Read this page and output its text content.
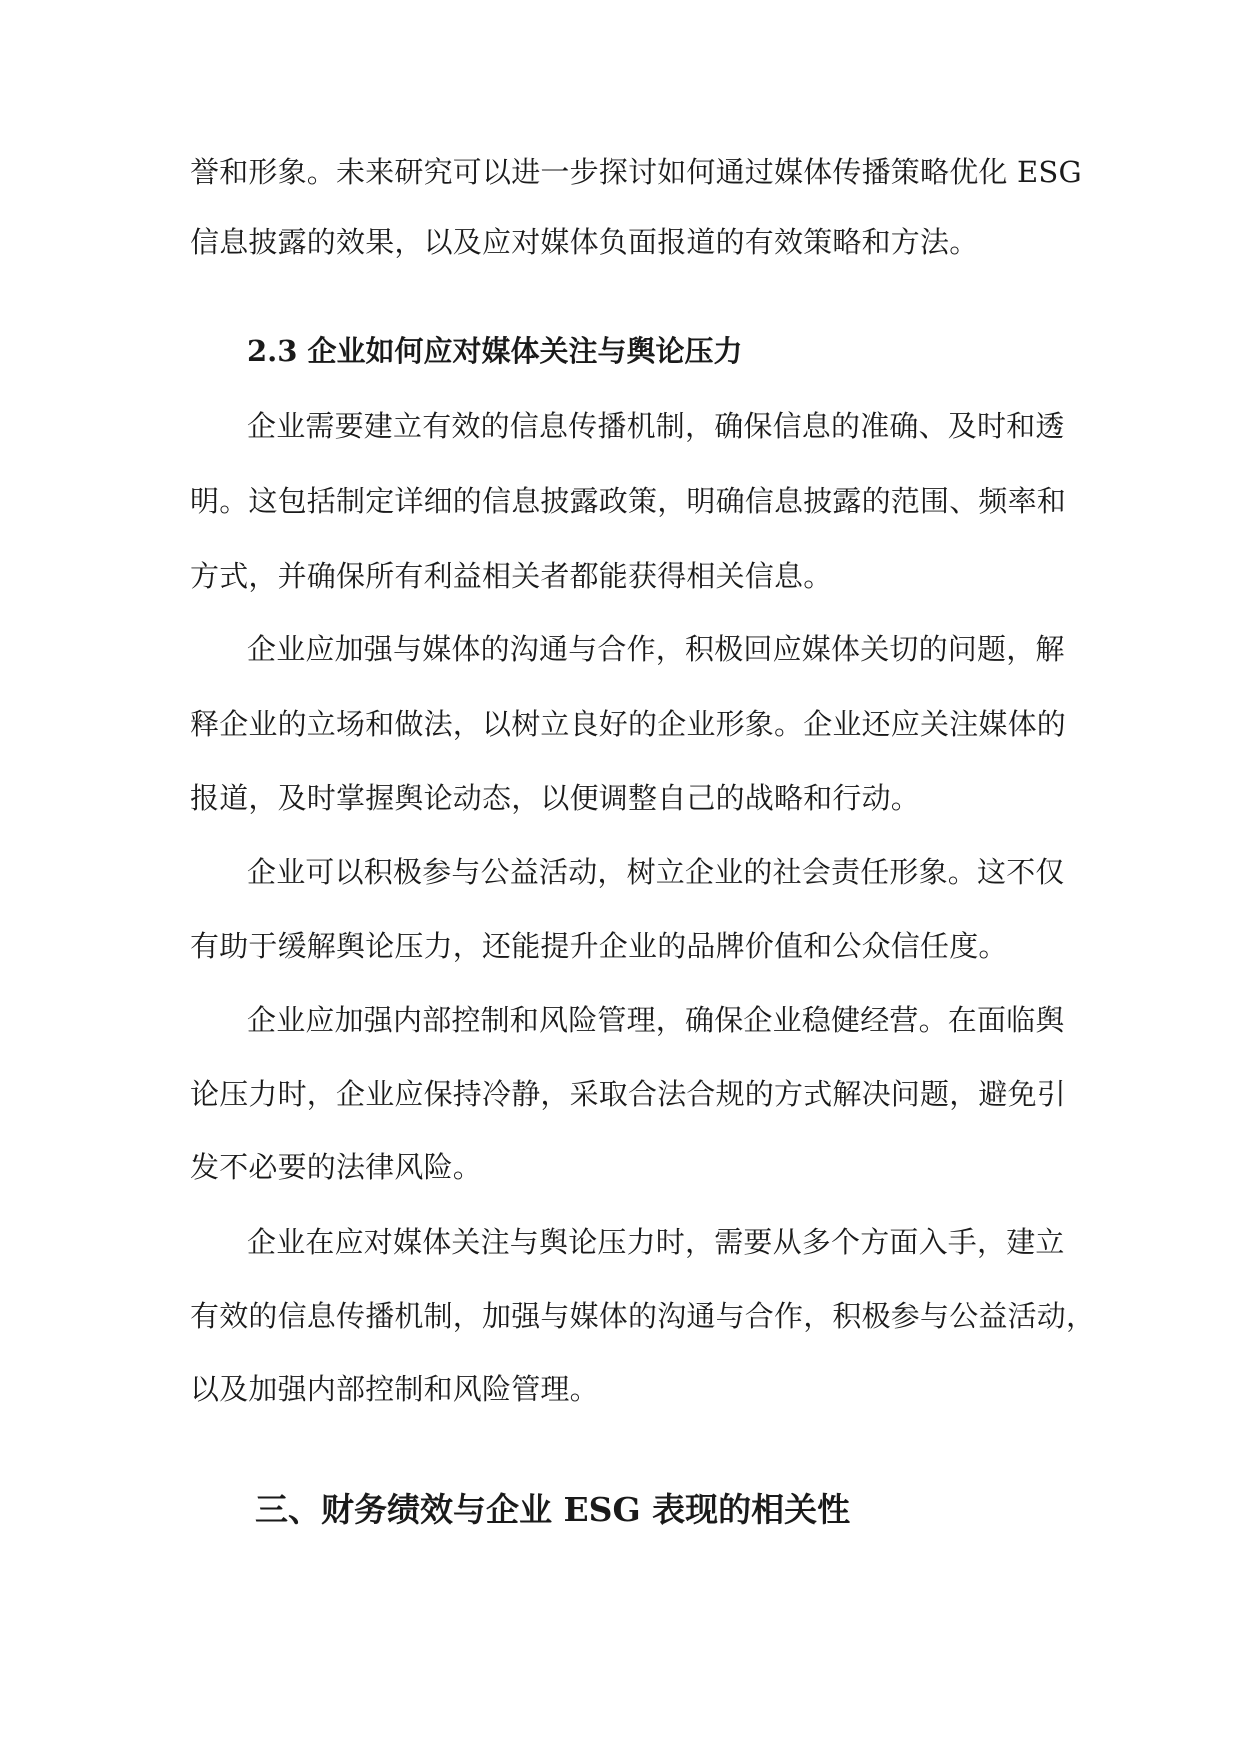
誉和形象。未来研究可以进一步探讨如何通过媒体传播策略优化 ESG
信息披露的效果，以及应对媒体负面报道的有效策略和方法。
2.3 企业如何应对媒体关注与舆论压力
企业需要建立有效的信息传播机制，确保信息的准确、及时和透
明。这包括制定详细的信息披露政策，明确信息披露的范围、频率和
方式，并确保所有利益相关者都能获得相关信息。
企业应加强与媒体的沟通与合作，积极回应媒体关切的问题，解
释企业的立场和做法，以树立良好的企业形象。企业还应关注媒体的
报道，及时掌握舆论动态，以便调整自己的战略和行动。
企业可以积极参与公益活动，树立企业的社会责任形象。这不仅
有助于缓解舆论压力，还能提升企业的品牌价值和公众信任度。
企业应加强内部控制和风险管理，确保企业稳健经营。在面临舆
论压力时，企业应保持冷静，采取合法合规的方式解决问题，避免引
发不必要的法律风险。
企业在应对媒体关注与舆论压力时，需要从多个方面入手，建立
有效的信息传播机制，加强与媒体的沟通与合作，积极参与公益活动，
以及加强内部控制和风险管理。
三、财务绩效与企业 ESG 表现的相关性
